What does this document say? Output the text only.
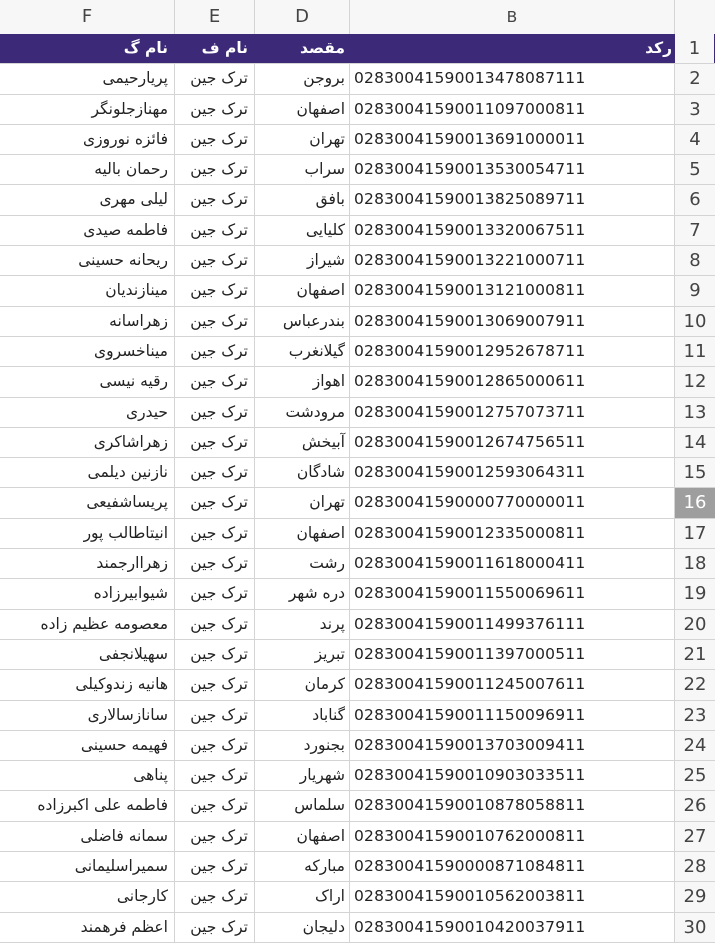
F	E	D	B
نام گ	نام ف	مقصد	رکد 1
پریارحیمی	ترک جین	بروجن 02830041590013478087111	2
مهنازجلونگر	ترک جین	اصفهان 02830041590011097000811	3
فائزه نوروزی	ترک جین	تهران 02830041590013691000011	4
رحمان بالیه	ترک جین	سراب 02830041590013530054711	5
لیلی مهری	ترک جین	بافق 02830041590013825089711	6
فاطمه صیدی	ترک جین	کلیایی 02830041590013320067511	7
ریحانه حسینی	ترک جین	شیراز 02830041590013221000711	8
مینازندیان	ترک جین	اصفهان 02830041590013121000811	9
زهراسانه	ترک جین	بندرعباس 02830041590013069007911	10
میناخسروی	ترک جین	گیلانغرب 02830041590012952678711	11
رقیه نیسی	ترک جین	اهواز 02830041590012865000611	12
حیدری	ترک جین	مرودشت 02830041590012757073711	13
زهراشاکری	ترک جین	آبیخش 02830041590012674756511	14
نازنین دیلمی	ترک جین	شادگان 02830041590012593064311	15
پریساشفیعی	ترک جین	تهران 02830041590000770000011	16
انیتاطالب پور	ترک جین	اصفهان 02830041590012335000811	17
زهراارجمند	ترک جین	رشت 02830041590011618000411	18
شیوابیرزاده	ترک جین	دره شهر 02830041590011550069611	19
معصومه عظیم زاده	ترک جین	پرند 02830041590011499376111	20
سهیلانجفی	ترک جین	تبریز 02830041590011397000511	21
هانیه زندوکیلی	ترک جین	کرمان 02830041590011245007611	22
سانازسالاری	ترک جین	گناباد 02830041590011150096911	23
فهیمه حسینی	ترک جین	بجنورد 02830041590013703009411	24
پناهی	ترک جین	شهریار 02830041590010903033511	25
فاطمه علی اکبرزاده	ترک جین	سلماس 02830041590010878058811	26
سمانه فاضلی	ترک جین	اصفهان 02830041590010762000811	27
سمیراسلیمانی	ترک جین	مبارکه 02830041590000871084811	28
کارجانی	ترک جین	اراک 02830041590010562003811	29
اعظم فرهمند	ترک جین	دلیجان 02830041590010420037911	30
